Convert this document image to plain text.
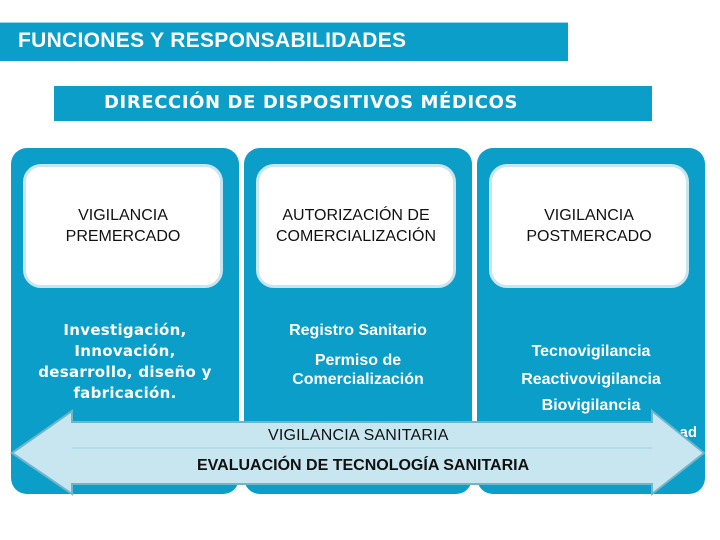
FUNCIONES Y RESPONSABILIDADES
DIRECCIÓN DE DISPOSITIVOS MÉDICOS
VIGILANCIA
PREMERCADO
Investigación,
Innovación,
desarrollo, diseño y
fabricación.
AUTORIZACIÓN DE
COMERCIALIZACIÓN
Registro Sanitario
Permiso de
Comercialización
VIGILANCIA
POSTMERCADO
Tecnovigilancia
Reactivovigilancia
Biovigilancia
ad
VIGILANCIA SANITARIA
EVALUACIÓN DE TECNOLOGÍA SANITARIA
